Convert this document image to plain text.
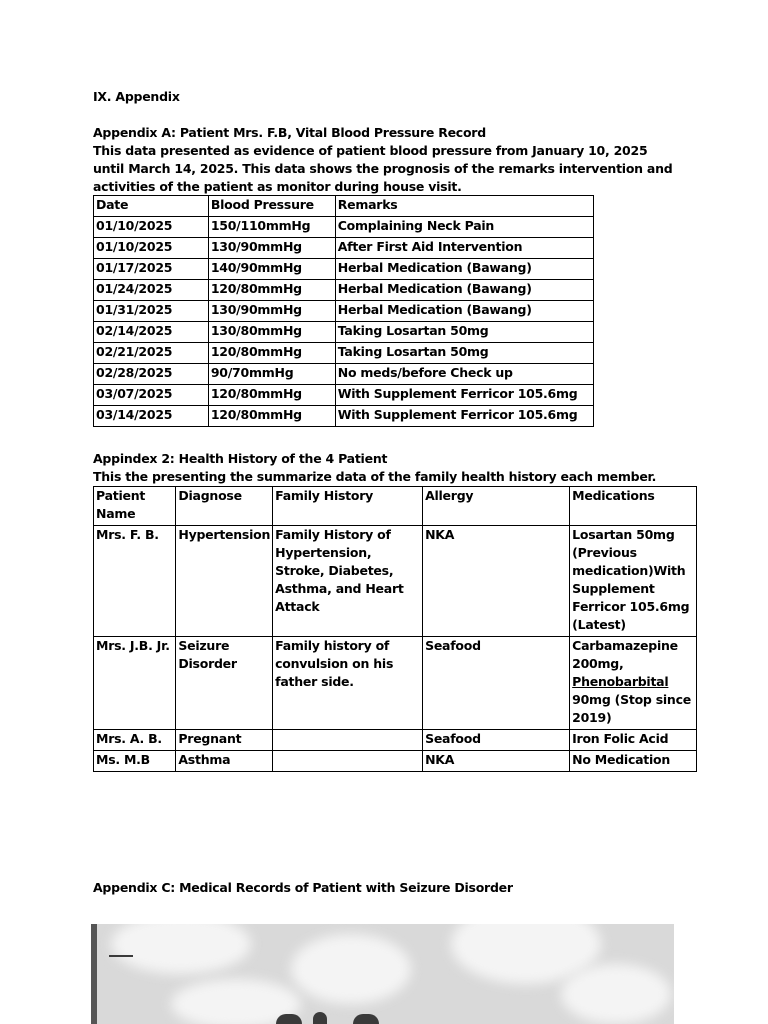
IX. Appendix
Appendix A: Patient Mrs. F.B, Vital Blood Pressure Record
This data presented as evidence of patient blood pressure from January 10, 2025 until March 14, 2025. This data shows the prognosis of the remarks intervention and activities of the patient as monitor during house visit.
Date	Blood Pressure	Remarks
01/10/2025	150/110mmHg	Complaining Neck Pain
01/10/2025	130/90mmHg	After First Aid Intervention
01/17/2025	140/90mmHg	Herbal Medication (Bawang)
01/24/2025	120/80mmHg	Herbal Medication (Bawang)
01/31/2025	130/90mmHg	Herbal Medication (Bawang)
02/14/2025	130/80mmHg	Taking Losartan 50mg
02/21/2025	120/80mmHg	Taking Losartan 50mg
02/28/2025	90/70mmHg	No meds/before Check up
03/07/2025	120/80mmHg	With Supplement Ferricor 105.6mg
03/14/2025	120/80mmHg	With Supplement Ferricor 105.6mg
Appindex 2: Health History of the 4 Patient
This the presenting the summarize data of the family health history each member.
Patient Name	Diagnose	Family History	Allergy	Medications
Mrs. F. B.	Hypertension	Family History of Hypertension, Stroke, Diabetes, Asthma, and Heart Attack	NKA	Losartan 50mg (Previous medication)With Supplement Ferricor 105.6mg (Latest)
Mrs. J.B. Jr.	Seizure Disorder	Family history of convulsion on his father side.	Seafood	Carbamazepine 200mg,
Phenobarbital
90mg (Stop since 2019)
Mrs. A. B.	Pregnant		Seafood	Iron Folic Acid
Ms. M.B	Asthma		NKA	No Medication
Appendix C: Medical Records of Patient with Seizure Disorder
